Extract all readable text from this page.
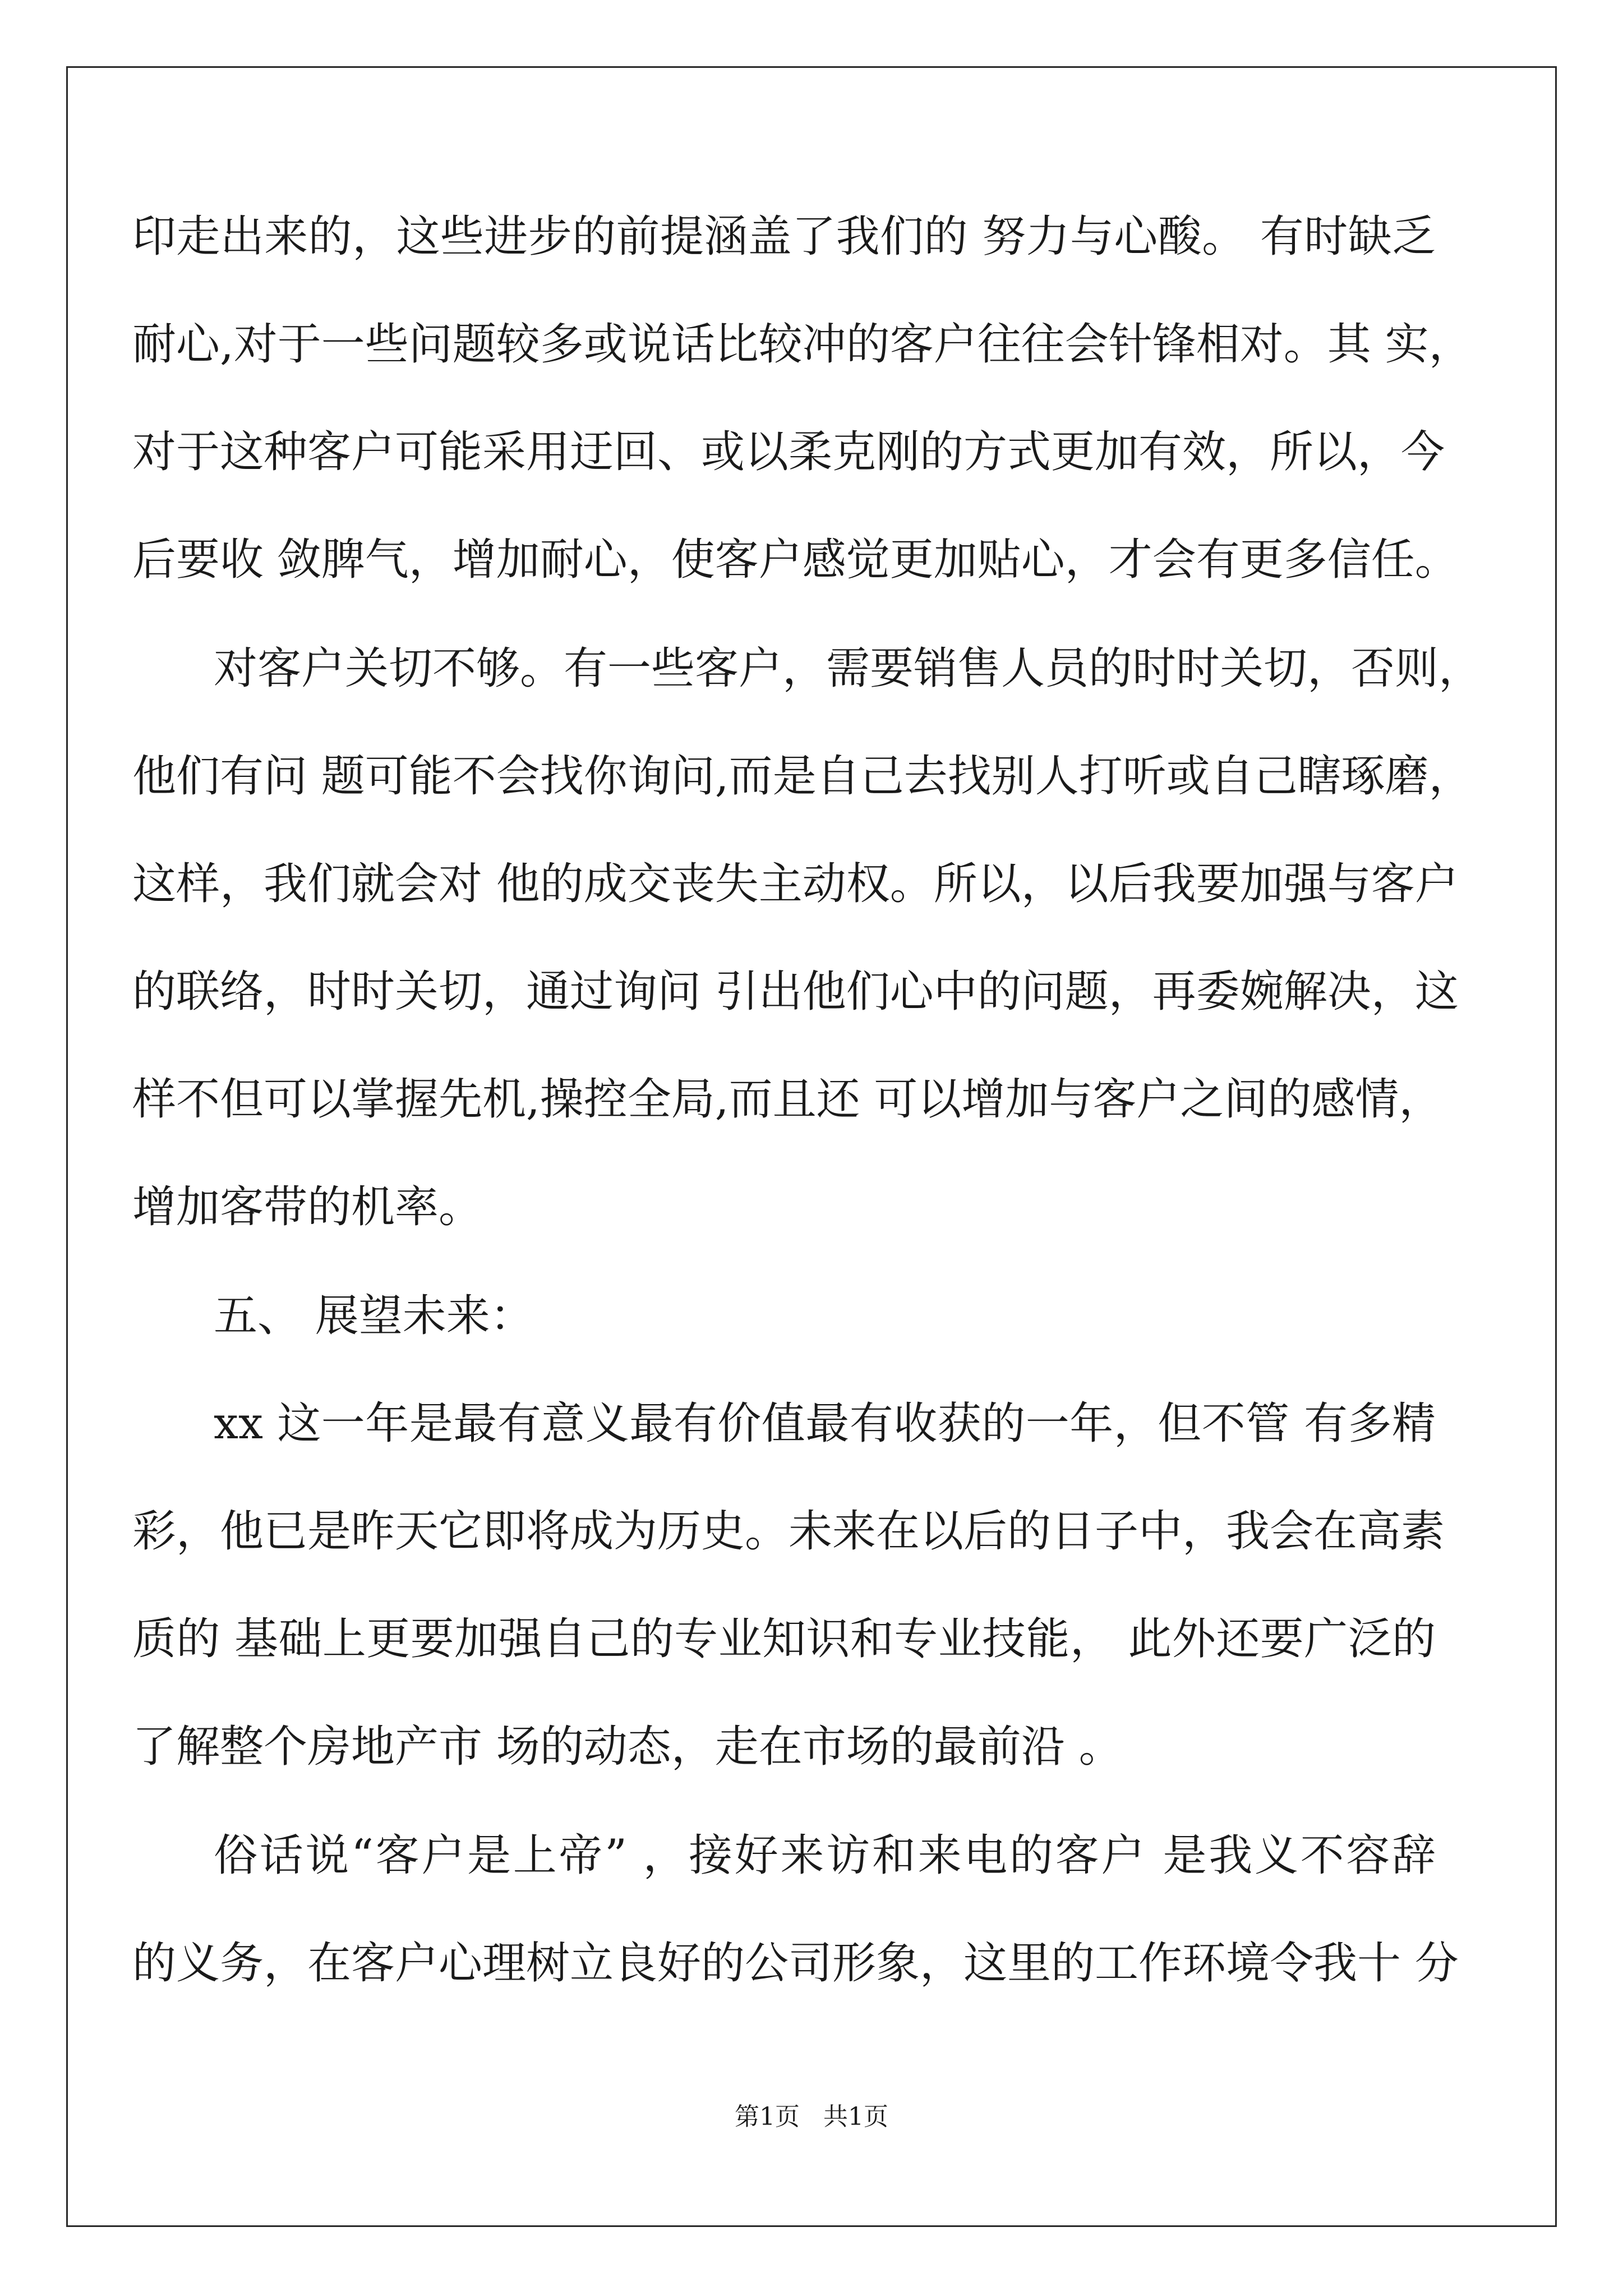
印走出来的，这些进步的前提涵盖了我们的 努力与心酸。 有时缺乏
耐心,对于一些问题较多或说话比较冲的客户往往会针锋相对。其 实，
对于这种客户可能采用迂回、或以柔克刚的方式更加有效，所以，今
后要收 敛脾气，增加耐心，使客户感觉更加贴心，才会有更多信任。
对客户关切不够。有一些客户，需要销售人员的时时关切，否则，
他们有问 题可能不会找你询问,而是自己去找别人打听或自己瞎琢磨，
这样，我们就会对 他的成交丧失主动权。所以，以后我要加强与客户
的联络，时时关切，通过询问 引出他们心中的问题，再委婉解决，这
样不但可以掌握先机,操控全局,而且还 可以增加与客户之间的感情，
增加客带的机率。
五、 展望未来：
xx 这一年是最有意义最有价值最有收获的一年，但不管 有多精
彩，他已是昨天它即将成为历史。未来在以后的日子中，我会在高素
质的 基础上更要加强自己的专业知识和专业技能， 此外还要广泛的
了解整个房地产市 场的动态，走在市场的最前沿 。
俗话说“客户是上帝” ，接好来访和来电的客户 是我义不容辞
的义务，在客户心理树立良好的公司形象，这里的工作环境令我十 分
第1页   共1页
